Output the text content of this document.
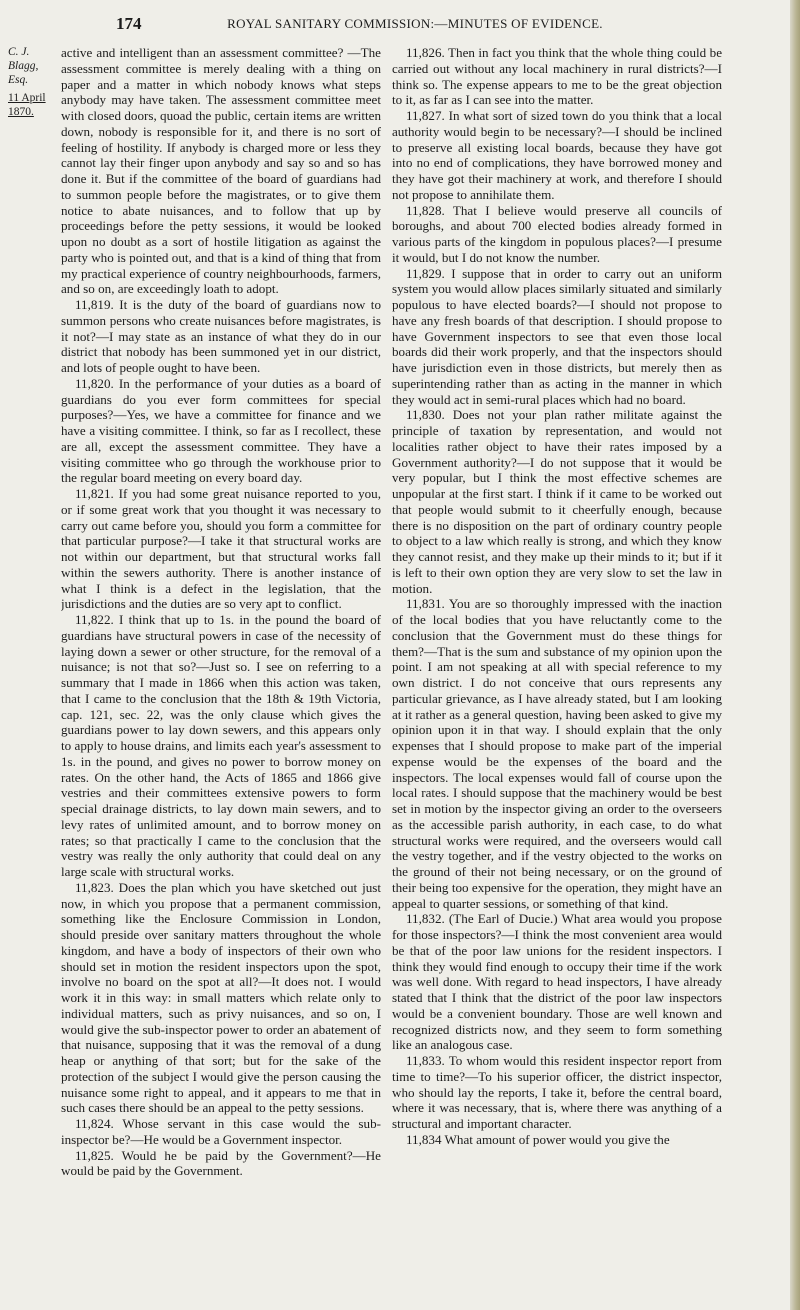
174	ROYAL SANITARY COMMISSION:—MINUTES OF EVIDENCE.
C. J. Blagg, Esq.
11 April 1870.

active and intelligent than an assessment committee? —The assessment committee is merely dealing with a thing on paper and a matter in which nobody knows what steps anybody may have taken. The assessment committee meet with closed doors, quoad the public, certain items are written down, nobody is responsible for it, and there is no sort of feeling of hostility. If anybody is charged more or less they cannot lay their finger upon anybody and say so and so has done it. But if the committee of the board of guardians had to summon people before the magistrates, or to give them notice to abate nuisances, and to follow that up by proceedings before the petty sessions, it would be looked upon no doubt as a sort of hostile litigation as against the party who is pointed out, and that is a kind of thing that from my practical experience of country neighbourhoods, farmers, and so on, are exceedingly loath to adopt.

11,819. It is the duty of the board of guardians now to summon persons who create nuisances before magistrates, is it not?—I may state as an instance of what they do in our district that nobody has been summoned yet in our district, and lots of people ought to have been.

11,820. In the performance of your duties as a board of guardians do you ever form committees for special purposes?—Yes, we have a committee for finance and we have a visiting committee. I think, so far as I recollect, these are all, except the assessment committee. They have a visiting committee who go through the workhouse prior to the regular board meeting on every board day.

11,821. If you had some great nuisance reported to you, or if some great work that you thought it was necessary to carry out came before you, should you form a committee for that particular purpose?—I take it that structural works are not within our department, but that structural works fall within the sewers authority. There is another instance of what I think is a defect in the legislation, that the jurisdictions and the duties are so very apt to conflict.

11,822. I think that up to 1s. in the pound the board of guardians have structural powers in case of the necessity of laying down a sewer or other structure, for the removal of a nuisance; is not that so?—Just so. I see on referring to a summary that I made in 1866 when this action was taken, that I came to the conclusion that the 18th & 19th Victoria, cap. 121, sec. 22, was the only clause which gives the guardians power to lay down sewers, and this appears only to apply to house drains, and limits each year's assessment to 1s. in the pound, and gives no power to borrow money on rates. On the other hand, the Acts of 1865 and 1866 give vestries and their committees extensive powers to form special drainage districts, to lay down main sewers, and to levy rates of unlimited amount, and to borrow money on rates; so that practically I came to the conclusion that the vestry was really the only authority that could deal on any large scale with structural works.

11,823. Does the plan which you have sketched out just now, in which you propose that a permanent commission, something like the Enclosure Commission in London, should preside over sanitary matters throughout the whole kingdom, and have a body of inspectors of their own who should set in motion the resident inspectors upon the spot, involve no board on the spot at all?—It does not. I would work it in this way: in small matters which relate only to individual matters, such as privy nuisances, and so on, I would give the sub-inspector power to order an abatement of that nuisance, supposing that it was the removal of a dung heap or anything of that sort; but for the sake of the protection of the subject I would give the person causing the nuisance some right to appeal, and it appears to me that in such cases there should be an appeal to the petty sessions.

11,824. Whose servant in this case would the sub-inspector be?—He would be a Government inspector.

11,825. Would he be paid by the Government?—He would be paid by the Government.

11,826. Then in fact you think that the whole thing could be carried out without any local machinery in rural districts?—I think so. The expense appears to me to be the great objection to it, as far as I can see into the matter.

11,827. In what sort of sized town do you think that a local authority would begin to be necessary?—I should be inclined to preserve all existing local boards, because they have got into no end of complications, they have borrowed money and they have got their machinery at work, and therefore I should not propose to annihilate them.

11,828. That I believe would preserve all councils of boroughs, and about 700 elected bodies already formed in various parts of the kingdom in populous places?—I presume it would, but I do not know the number.

11,829. I suppose that in order to carry out an uniform system you would allow places similarly situated and similarly populous to have elected boards?—I should not propose to have any fresh boards of that description. I should propose to have Government inspectors to see that even those local boards did their work properly, and that the inspectors should have jurisdiction even in those districts, but merely then as superintending rather than as acting in the manner in which they would act in semi-rural places which had no board.

11,830. Does not your plan rather militate against the principle of taxation by representation, and would not localities rather object to have their rates imposed by a Government authority?—I do not suppose that it would be very popular, but I think the most effective schemes are unpopular at the first start. I think if it came to be worked out that people would submit to it cheerfully enough, because there is no disposition on the part of ordinary country people to object to a law which really is strong, and which they know they cannot resist, and they make up their minds to it; but if it is left to their own option they are very slow to set the law in motion.

11,831. You are so thoroughly impressed with the inaction of the local bodies that you have reluctantly come to the conclusion that the Government must do these things for them?—That is the sum and substance of my opinion upon the point. I am not speaking at all with special reference to my own district. I do not conceive that ours represents any particular grievance, as I have already stated, but I am looking at it rather as a general question, having been asked to give my opinion upon it in that way. I should explain that the only expenses that I should propose to make part of the imperial expense would be the expenses of the board and the inspectors. The local expenses would fall of course upon the local rates. I should suppose that the machinery would be best set in motion by the inspector giving an order to the overseers as the accessible parish authority, in each case, to do what structural works were required, and the overseers would call the vestry together, and if the vestry objected to the works on the ground of their not being necessary, or on the ground of their being too expensive for the operation, they might have an appeal to quarter sessions, or something of that kind.

11,832. (The Earl of Ducie.) What area would you propose for those inspectors?—I think the most convenient area would be that of the poor law unions for the resident inspectors. I think they would find enough to occupy their time if the work was well done. With regard to head inspectors, I have already stated that I think that the district of the poor law inspectors would be a convenient boundary. Those are well known and recognized districts now, and they seem to form something like an analogous case.

11,833. To whom would this resident inspector report from time to time?—To his superior officer, the district inspector, who should lay the reports, I take it, before the central board, where it was necessary, that is, where there was anything of a structural and important character.

11,834 What amount of power would you give the
